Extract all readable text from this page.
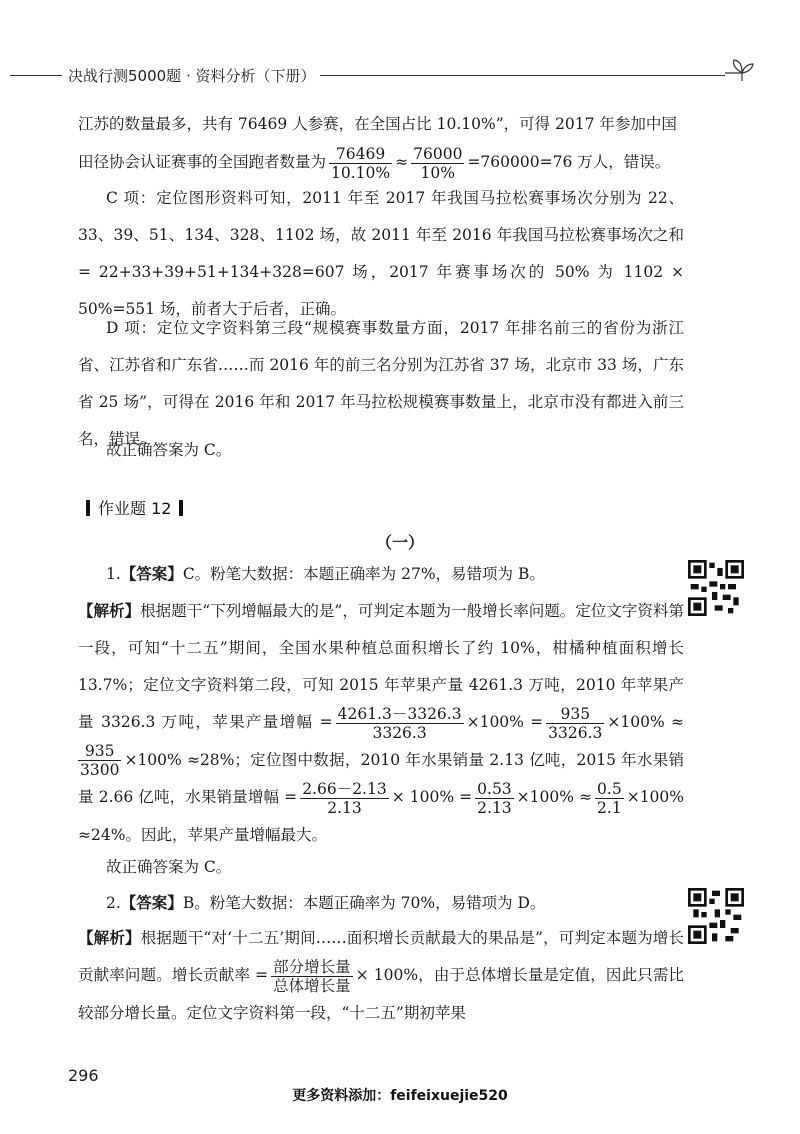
决战行测5000题 · 资料分析（下册）
江苏的数量最多，共有 76469 人参赛，在全国占比 10.10%”，可得 2017 年参加中国
田径协会认证赛事的全国跑者数量为 $\frac{76469}{10.10\%} \approx \frac{76000}{10\%} =760000=76$ 万人，错误。
C 项：定位图形资料可知，2011 年至 2017 年我国马拉松赛事场次分别为 22、33、39、51、134、328、1102 场，故 2011 年至 2016 年我国马拉松赛事场次之和 = 22+33+39+51+134+328=607 场，2017 年赛事场次的 50% 为 1102 × 50%=551 场，前者大于后者，正确。
D 项：定位文字资料第三段“规模赛事数量方面，2017 年排名前三的省份为浙江省、江苏省和广东省……而 2016 年的前三名分别为江苏省 37 场，北京市 33 场，广东省 25 场”，可得在 2016 年和 2017 年马拉松规模赛事数量上，北京市没有都进入前三名，错误。
故正确答案为 C。
作业题 12
（一）
1.【答案】C。粉笔大数据：本题正确率为 27%，易错项为 B。
【解析】根据题干“下列增幅最大的是”，可判定本题为一般增长率问题。定位文字资料第一段，可知“十二五”期间，全国水果种植总面积增长了约 10%，柑橘种植面积增长 13.7%；定位文字资料第二段，可知 2015 年苹果产量 4261.3 万吨，2010 年苹果产量 3326.3 万吨，苹果产量增幅 = $\frac{4261.3-3326.3}{3326.3} \times 100\% = \frac{935}{3326.3} \times 100\%$ ≈
$\frac{935}{3300} \times 100\% \approx 28\%$；定位图中数据，2010 年水果销量 2.13 亿吨，2015 年水果销量 2.66 亿吨，水果销量增幅 = $\frac{2.66-2.13}{2.13} \times 100\% = \frac{0.53}{2.13} \times 100\% \approx \frac{0.5}{2.1} \times 100\% \approx 24\%$。因此，苹果产量增幅最大。
故正确答案为 C。
2.【答案】B。粉笔大数据：本题正确率为 70%，易错项为 D。
【解析】根据题干“对‘十二五’期间……面积增长贡献最大的果品是”，可判定本题为增长贡献率问题。增长贡献率 = $\frac{\text{部分增长量}}{\text{总体增长量}} \times 100\%$，由于总体增长量是定值，因此只需比较部分增长量。定位文字资料第一段，“十二五”期初苹果
296
更多资料添加：feifeixuejie520
